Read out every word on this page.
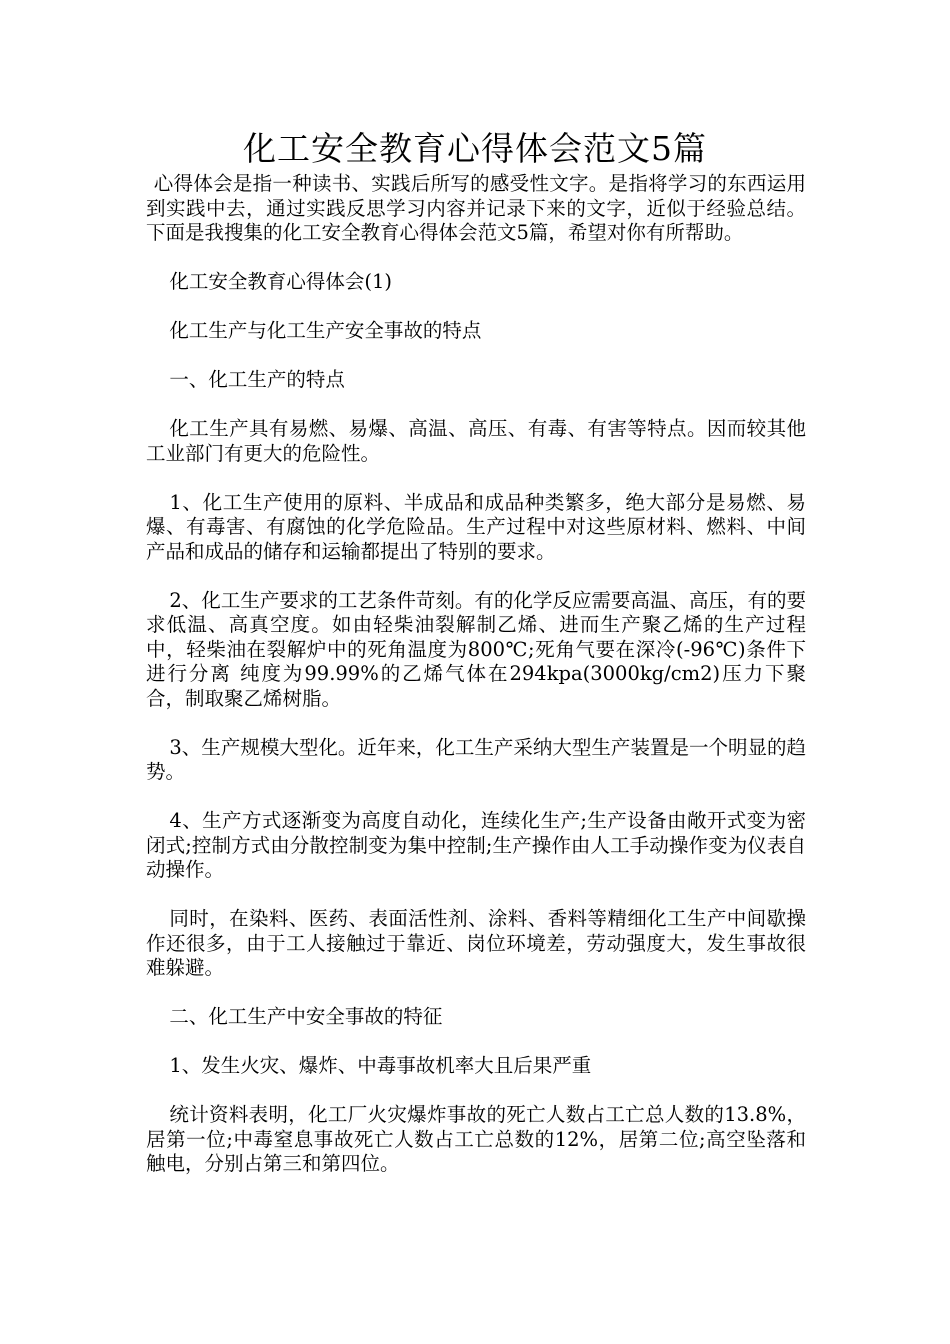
化工安全教育心得体会范文5篇

心得体会是指一种读书、实践后所写的感受性文字。是指将学习的东西运用到实践中去，通过实践反思学习内容并记录下来的文字，近似于经验总结。下面是我搜集的化工安全教育心得体会范文5篇，希望对你有所帮助。

化工安全教育心得体会(1)

化工生产与化工生产安全事故的特点

一、化工生产的特点

化工生产具有易燃、易爆、高温、高压、有毒、有害等特点。因而较其他工业部门有更大的危险性。

1、化工生产使用的原料、半成品和成品种类繁多，绝大部分是易燃、易爆、有毒害、有腐蚀的化学危险品。生产过程中对这些原材料、燃料、中间产品和成品的储存和运输都提出了特别的要求。

2、化工生产要求的工艺条件苛刻。有的化学反应需要高温、高压，有的要求低温、高真空度。如由轻柴油裂解制乙烯、进而生产聚乙烯的生产过程中，轻柴油在裂解炉中的死角温度为800℃;死角气要在深冷(-96℃)条件下进行分离 纯度为99.99%的乙烯气体在294kpa(3000kg/cm2)压力下聚合，制取聚乙烯树脂。

3、生产规模大型化。近年来，化工生产采纳大型生产装置是一个明显的趋势。

4、生产方式逐渐变为高度自动化，连续化生产;生产设备由敞开式变为密闭式;控制方式由分散控制变为集中控制;生产操作由人工手动操作变为仪表自动操作。

同时，在染料、医药、表面活性剂、涂料、香料等精细化工生产中间歇操作还很多，由于工人接触过于靠近、岗位环境差，劳动强度大，发生事故很难躲避。

二、化工生产中安全事故的特征

1、发生火灾、爆炸、中毒事故机率大且后果严重

统计资料表明，化工厂火灾爆炸事故的死亡人数占工亡总人数的13.8%，居第一位;中毒窒息事故死亡人数占工亡总数的12%，居第二位;高空坠落和触电，分别占第三和第四位。
